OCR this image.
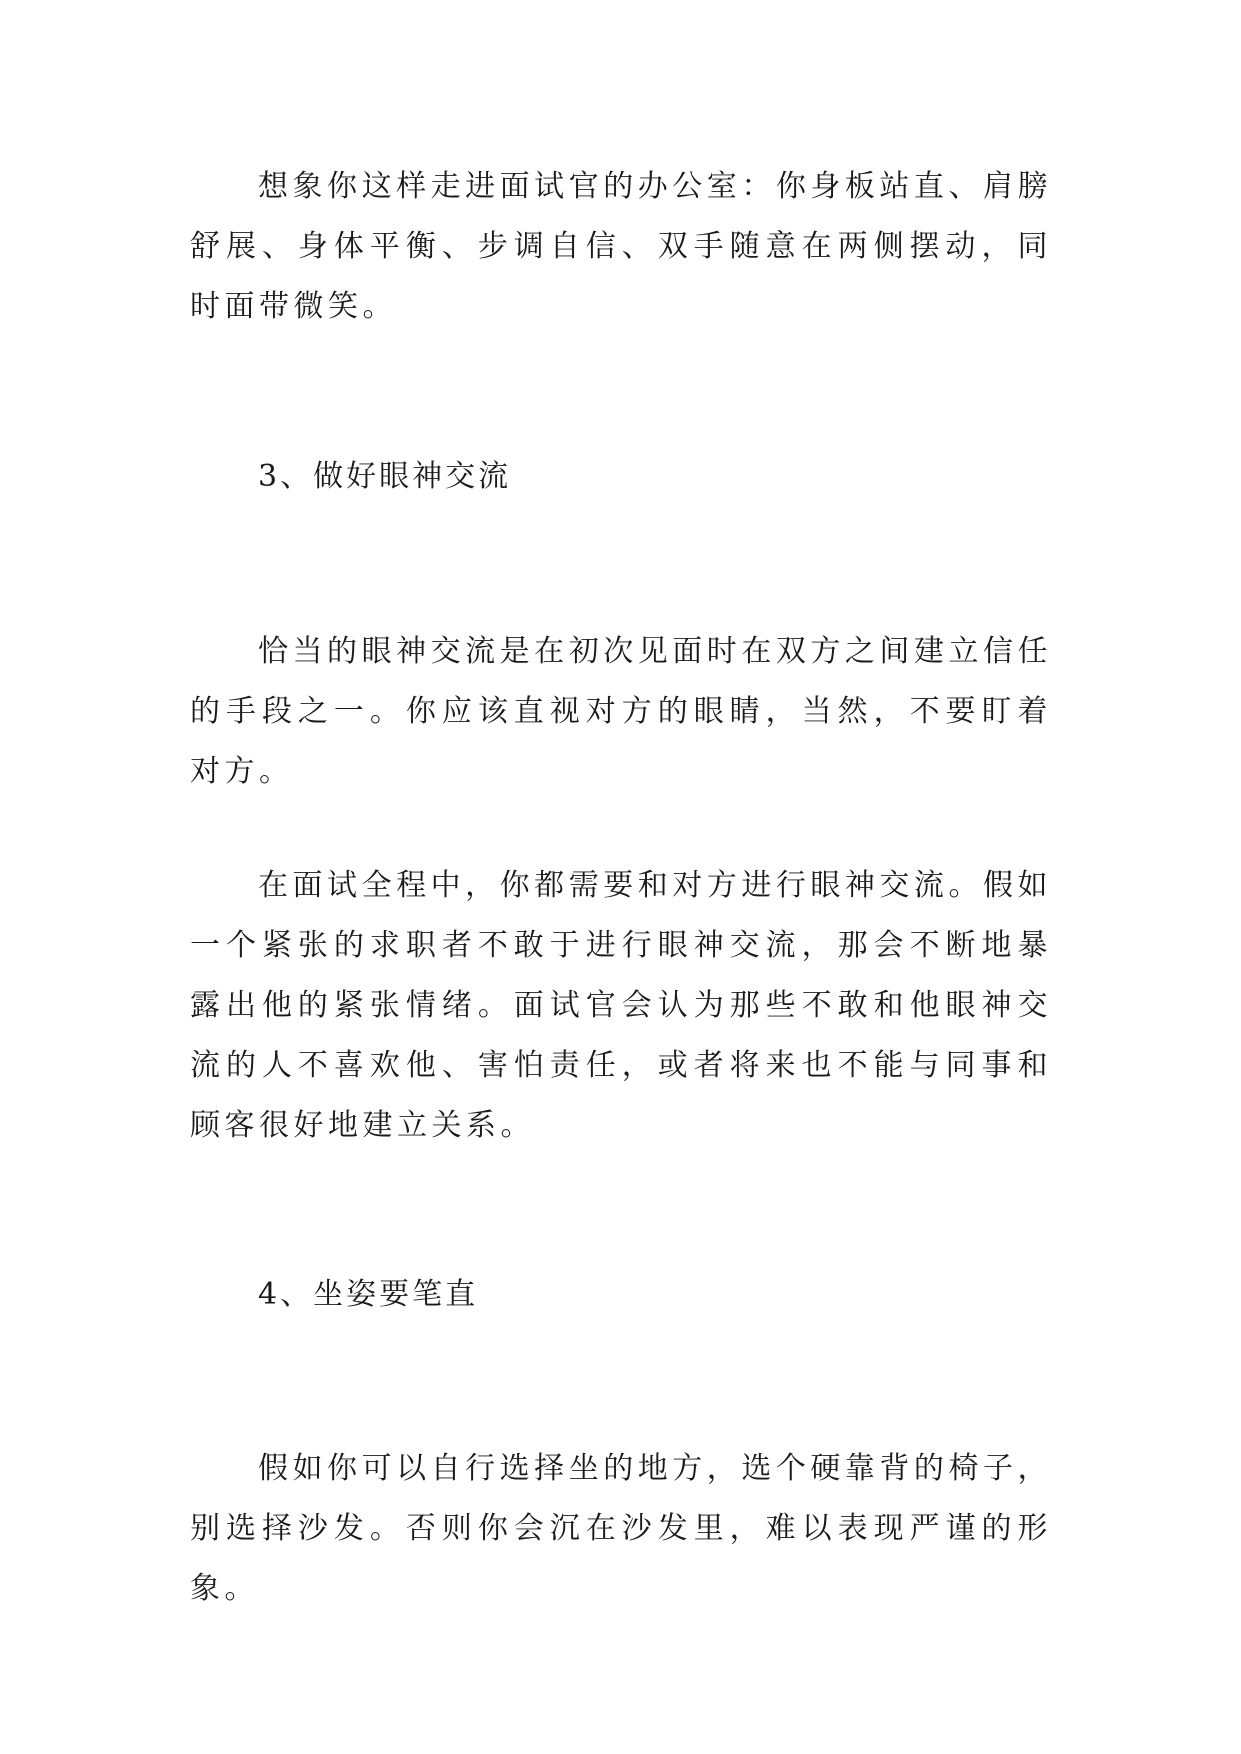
想象你这样走进面试官的办公室：你身板站直、肩膀舒展、身体平衡、步调自信、双手随意在两侧摆动，同时面带微笑。

3、做好眼神交流

恰当的眼神交流是在初次见面时在双方之间建立信任的手段之一。你应该直视对方的眼睛，当然，不要盯着对方。

在面试全程中，你都需要和对方进行眼神交流。假如一个紧张的求职者不敢于进行眼神交流，那会不断地暴露出他的紧张情绪。面试官会认为那些不敢和他眼神交流的人不喜欢他、害怕责任，或者将来也不能与同事和顾客很好地建立关系。

4、坐姿要笔直

假如你可以自行选择坐的地方，选个硬靠背的椅子，别选择沙发。否则你会沉在沙发里，难以表现严谨的形象。
